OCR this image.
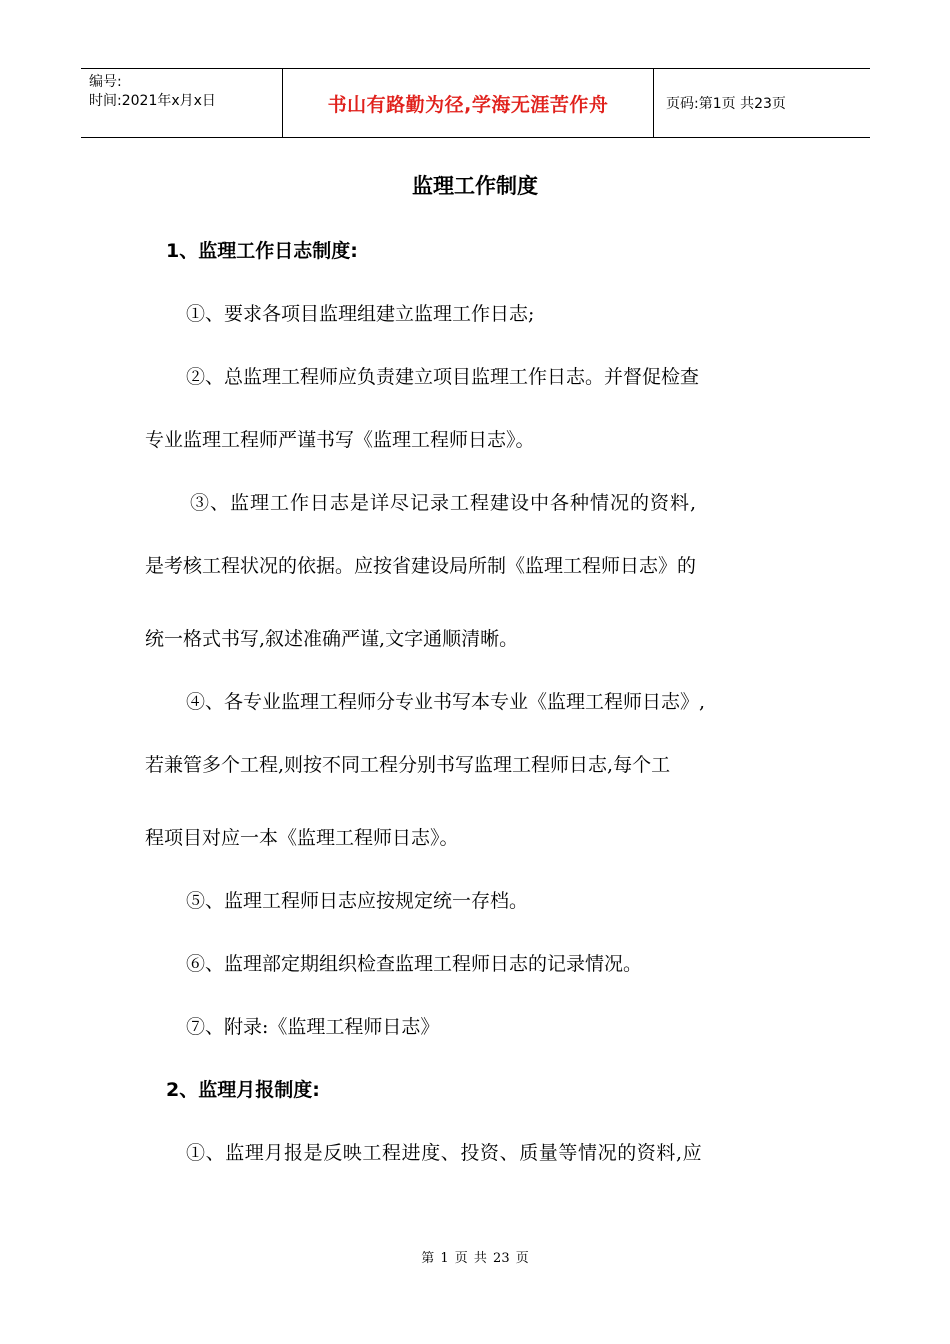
编号:
时间:2021年x月x日	书山有路勤为径,学海无涯苦作舟	页码:第1页 共23页
监理工作制度
1、监理工作日志制度:
①、要求各项目监理组建立监理工作日志;
②、总监理工程师应负责建立项目监理工作日志。并督促检查
专业监理工程师严谨书写《监理工程师日志》。
③、监理工作日志是详尽记录工程建设中各种情况的资料,
是考核工程状况的依据。应按省建设局所制《监理工程师日志》的
统一格式书写,叙述准确严谨,文字通顺清晰。
④、各专业监理工程师分专业书写本专业《监理工程师日志》,
若兼管多个工程,则按不同工程分别书写监理工程师日志,每个工
程项目对应一本《监理工程师日志》。
⑤、监理工程师日志应按规定统一存档。
⑥、监理部定期组织检查监理工程师日志的记录情况。
⑦、附录:《监理工程师日志》
2、监理月报制度:
①、监理月报是反映工程进度、投资、质量等情况的资料,应
第 1 页 共 23 页
